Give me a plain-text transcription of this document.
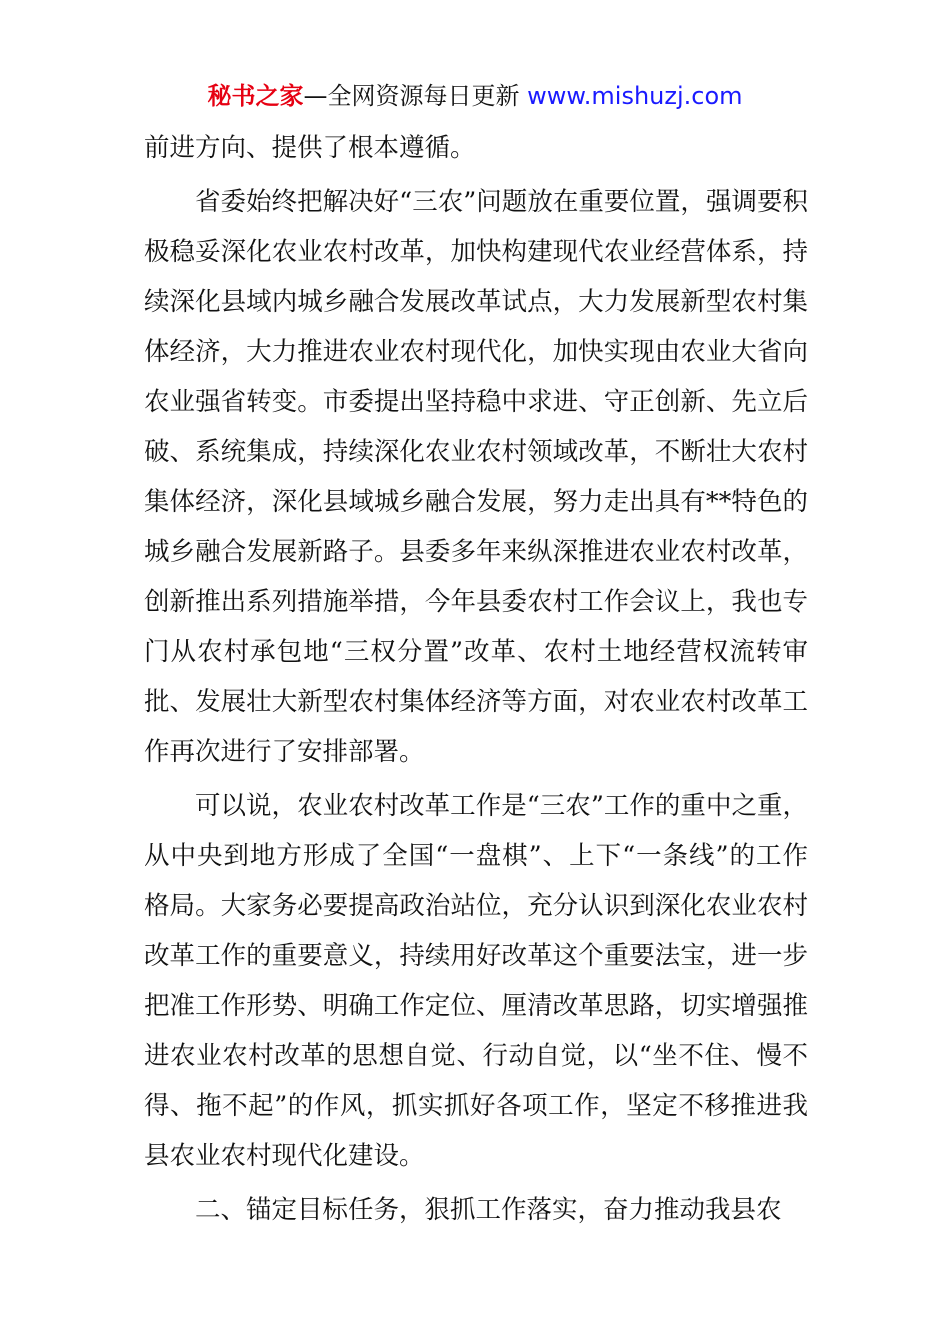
秘书之家—全网资源每日更新 www.mishuzj.com

前进方向、提供了根本遵循。

省委始终把解决好“三农”问题放在重要位置，强调要积极稳妥深化农业农村改革，加快构建现代农业经营体系，持续深化县域内城乡融合发展改革试点，大力发展新型农村集体经济，大力推进农业农村现代化，加快实现由农业大省向农业强省转变。市委提出坚持稳中求进、守正创新、先立后破、系统集成，持续深化农业农村领域改革，不断壮大农村集体经济，深化县域城乡融合发展，努力走出具有**特色的城乡融合发展新路子。县委多年来纵深推进农业农村改革，创新推出系列措施举措，今年县委农村工作会议上，我也专门从农村承包地“三权分置”改革、农村土地经营权流转审批、发展壮大新型农村集体经济等方面，对农业农村改革工作再次进行了安排部署。

可以说，农业农村改革工作是“三农”工作的重中之重，从中央到地方形成了全国“一盘棋”、上下“一条线”的工作格局。大家务必要提高政治站位，充分认识到深化农业农村改革工作的重要意义，持续用好改革这个重要法宝，进一步把准工作形势、明确工作定位、厘清改革思路，切实增强推进农业农村改革的思想自觉、行动自觉，以“坐不住、慢不得、拖不起”的作风，抓实抓好各项工作，坚定不移推进我县农业农村现代化建设。

二、锚定目标任务，狠抓工作落实，奋力推动我县农
